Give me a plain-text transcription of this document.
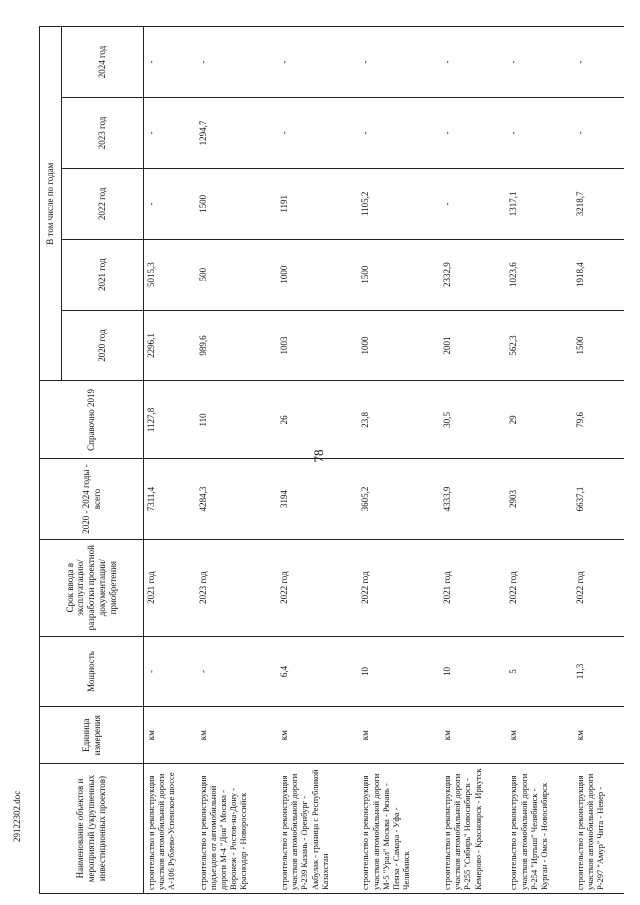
78
Наименование объектов и мероприятий (укрупненных инвестиционных проектов)	Единица измерения	Мощность	Срок ввода в эксплуатацию/ разработки проектной документации/ приобретения	2020 - 2024 годы - всего	Справочно 2019	В том числе по годам				
						2020 год	2021 год	2022 год	2023 год	2024 год
строительство и реконструкция участков автомобильной дороги А-106 Рублево-Успенское шоссе	км	-	2021 год	7311,4	1127,8	2296,1	5015,3	-	-	-
строительство и реконструкция подъездов от автомобильной дороги М-4 "Дон" Москва - Воронеж - Ростов-на-Дону - Краснодар - Новороссийск	км	-	2023 год	4284,3	110	989,6	500	1500	1294,7	-
строительство и реконструкция участков автомобильной дороги Р-239 Казань - Оренбург - Акбулак - граница с Республикой Казахстан	км	6,4	2022 год	3194	26	1003	1000	1191	-	-
строительство и реконструкция участков автомобильной дороги М-5 "Урал" Москва - Рязань - Пенза - Самара - Уфа - Челябинск	км	10	2022 год	3605,2	23,8	1000	1500	1105,2	-	-
строительство и реконструкция участков автомобильной дороги Р-255 "Сибирь" Новосибирск - Кемерово - Красноярск - Иркутск	км	10	2021 год	4333,9	30,5	2001	2332,9	-	-	-
строительство и реконструкция участков автомобильной дороги Р-254 "Иртыш" Челябинск - Курган - Омск - Новосибирск	км	5	2022 год	2903	29	562,3	1023,6	1317,1	-	-
строительство и реконструкция участков автомобильной дороги Р-297 "Амур" Чита - Невер -	км	11,3	2022 год	6637,1	79,6	1500	1918,4	3218,7	-	-
29122302.doc
